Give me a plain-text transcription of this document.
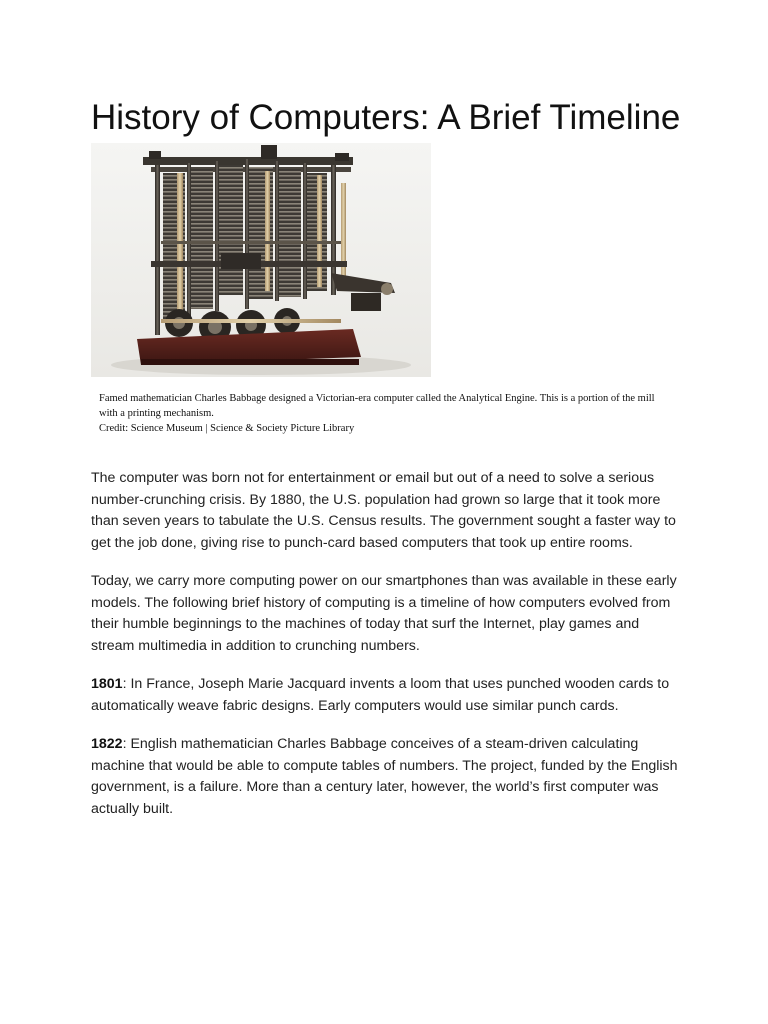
History of Computers: A Brief Timeline

Famed mathematician Charles Babbage designed a Victorian-era computer called the Analytical Engine. This is a portion of the mill with a printing mechanism.

Credit: Science Museum | Science & Society Picture Library

The computer was born not for entertainment or email but out of a need to solve a serious number-crunching crisis. By 1880, the U.S. population had grown so large that it took more than seven years to tabulate the U.S. Census results. The government sought a faster way to get the job done, giving rise to punch-card based computers that took up entire rooms.

Today, we carry more computing power on our smartphones than was available in these early models. The following brief history of computing is a timeline of how computers evolved from their humble beginnings to the machines of today that surf the Internet, play games and stream multimedia in addition to crunching numbers.

1801: In France, Joseph Marie Jacquard invents a loom that uses punched wooden cards to automatically weave fabric designs. Early computers would use similar punch cards.

1822: English mathematician Charles Babbage conceives of a steam-driven calculating machine that would be able to compute tables of numbers. The project, funded by the English government, is a failure. More than a century later, however, the world’s first computer was actually built.
